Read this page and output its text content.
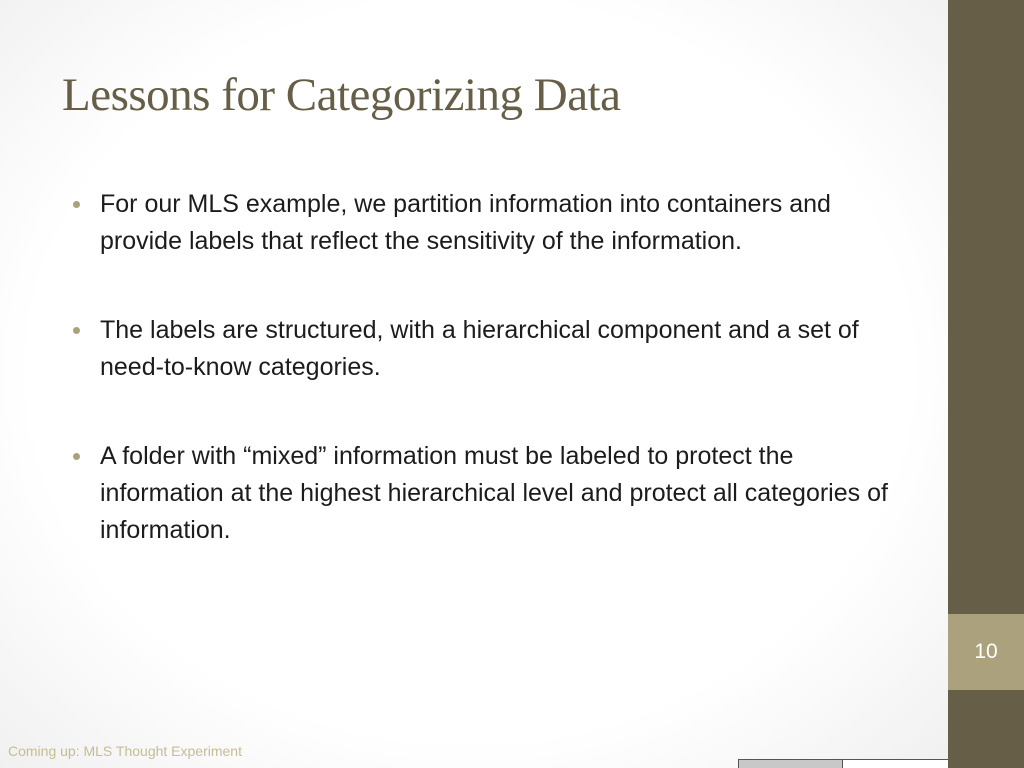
10
Lessons for Categorizing Data
For our MLS example, we partition information into containers and provide labels that reflect the sensitivity of the information.
The labels are structured, with a hierarchical component and a set of need-to-know categories.
A folder with “mixed” information must be labeled to protect the information at the highest hierarchical level and protect all categories of information.
Coming up: MLS Thought Experiment
